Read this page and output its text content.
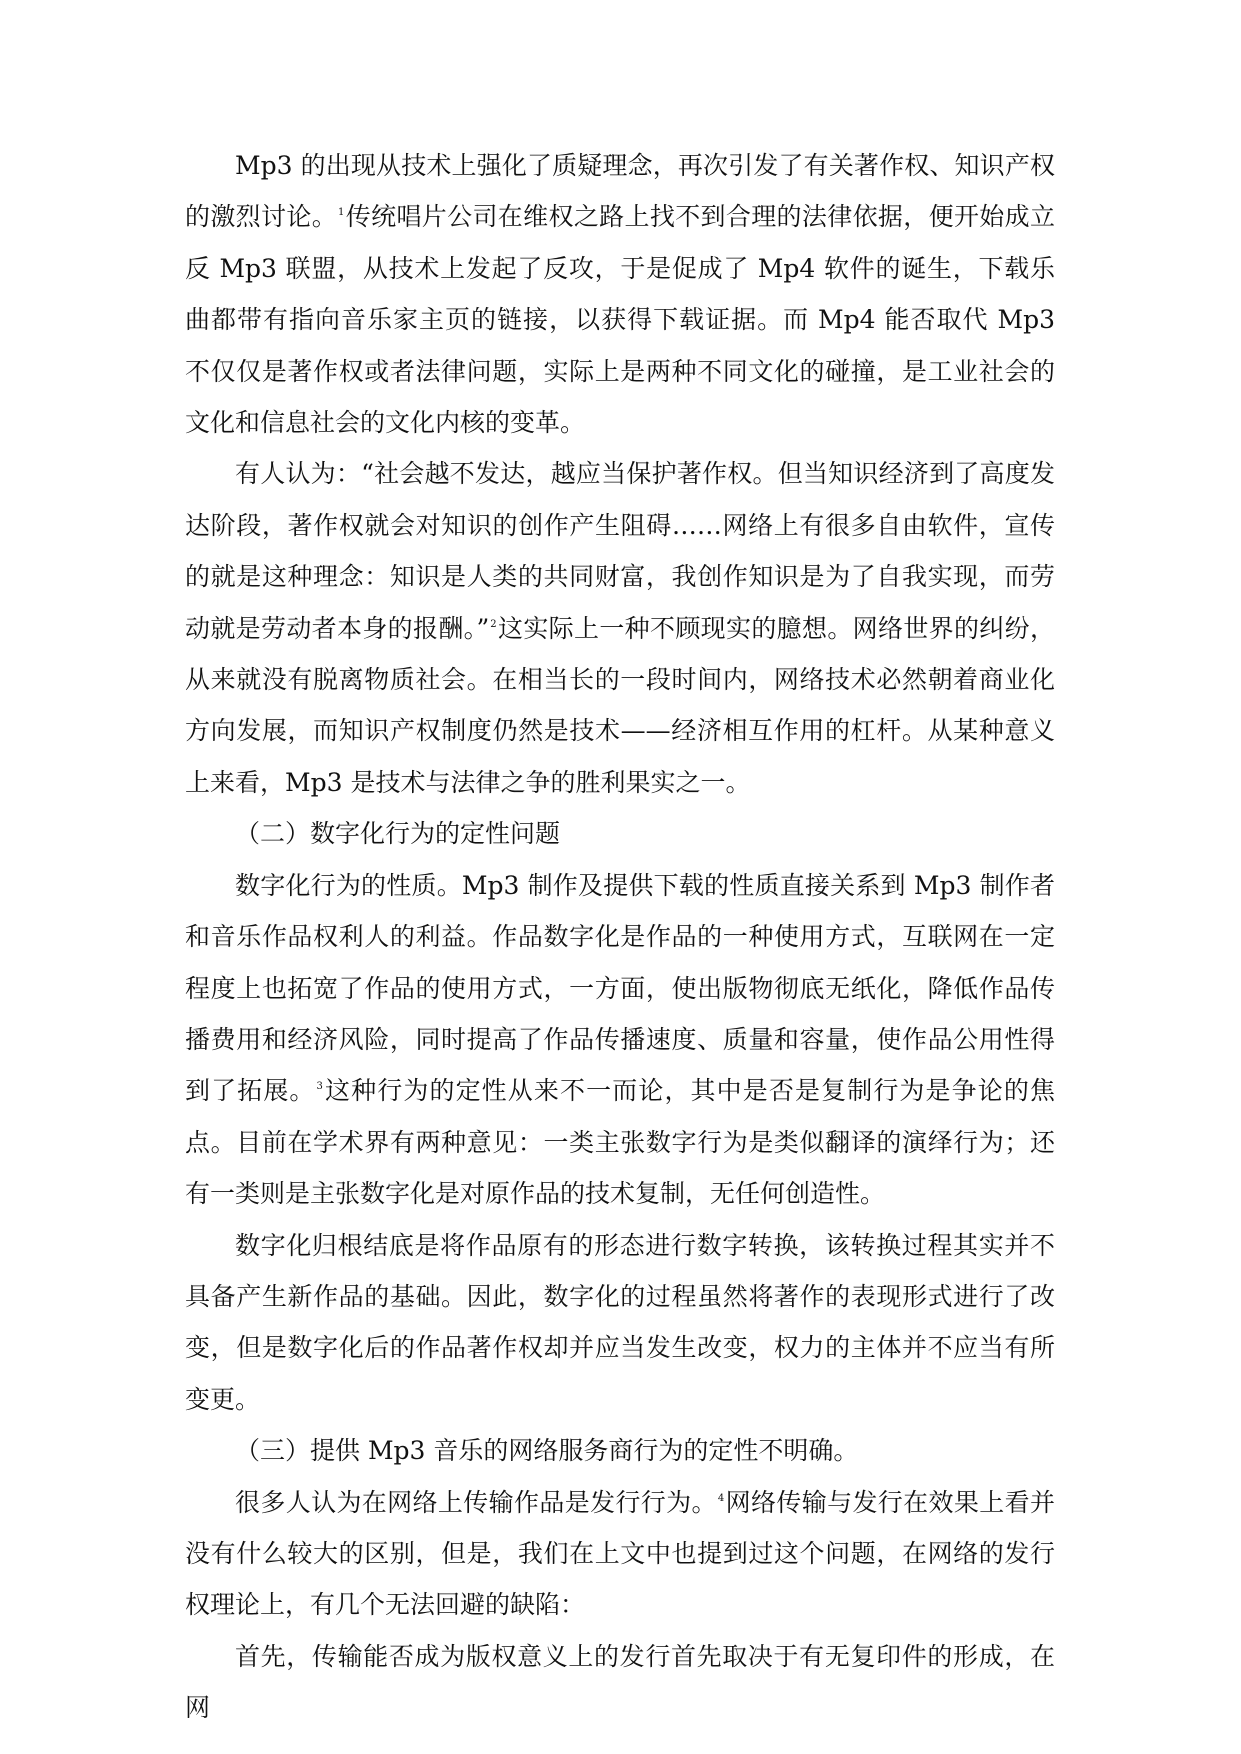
Mp3 的出现从技术上强化了质疑理念，再次引发了有关著作权、知识产权的激烈讨论。$^1$传统唱片公司在维权之路上找不到合理的法律依据，便开始成立反 Mp3 联盟，从技术上发起了反攻，于是促成了 Mp4 软件的诞生，下载乐曲都带有指向音乐家主页的链接，以获得下载证据。而 Mp4 能否取代 Mp3 不仅仅是著作权或者法律问题，实际上是两种不同文化的碰撞，是工业社会的文化和信息社会的文化内核的变革。

有人认为：“社会越不发达，越应当保护著作权。但当知识经济到了高度发达阶段，著作权就会对知识的创作产生阻碍……网络上有很多自由软件，宣传的就是这种理念：知识是人类的共同财富，我创作知识是为了自我实现，而劳动就是劳动者本身的报酬。”$^2$这实际上一种不顾现实的臆想。网络世界的纠纷，从来就没有脱离物质社会。在相当长的一段时间内，网络技术必然朝着商业化方向发展，而知识产权制度仍然是技术——经济相互作用的杠杆。从某种意义上来看，Mp3 是技术与法律之争的胜利果实之一。

（二）数字化行为的定性问题

数字化行为的性质。Mp3 制作及提供下载的性质直接关系到 Mp3 制作者和音乐作品权利人的利益。作品数字化是作品的一种使用方式，互联网在一定程度上也拓宽了作品的使用方式，一方面，使出版物彻底无纸化，降低作品传播费用和经济风险，同时提高了作品传播速度、质量和容量，使作品公用性得到了拓展。$^3$这种行为的定性从来不一而论，其中是否是复制行为是争论的焦点。目前在学术界有两种意见：一类主张数字行为是类似翻译的演绎行为；还有一类则是主张数字化是对原作品的技术复制，无任何创造性。

数字化归根结底是将作品原有的形态进行数字转换，该转换过程其实并不具备产生新作品的基础。因此，数字化的过程虽然将著作的表现形式进行了改变，但是数字化后的作品著作权却并应当发生改变，权力的主体并不应当有所变更。

（三）提供 Mp3 音乐的网络服务商行为的定性不明确。

很多人认为在网络上传输作品是发行行为。$^4$网络传输与发行在效果上看并没有什么较大的区别，但是，我们在上文中也提到过这个问题，在网络的发行权理论上，有几个无法回避的缺陷：

首先，传输能否成为版权意义上的发行首先取决于有无复印件的形成，在网
